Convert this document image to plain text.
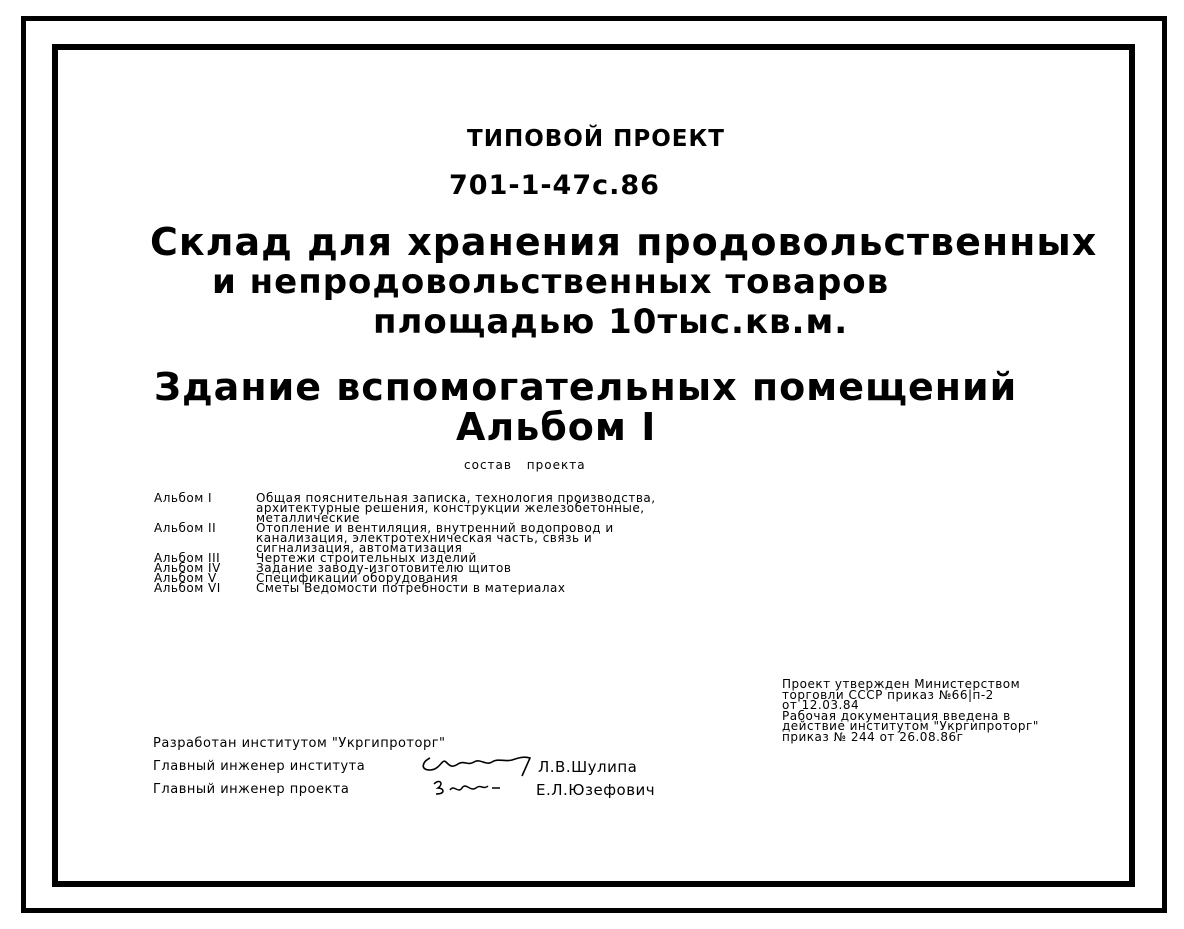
ТИПОВОЙ ПРОЕКТ
701-1-47с.86
Склад для хранения продовольственных
и непродовольственных товаров
площадью 10тыс.кв.м.
Здание вспомогательных помещений
Альбом I
состав проекта
Альбом I	Общая пояснительная записка, технология производства,
архитектурные решения, конструкции железобетонные,
металлические
Альбом II	Отопление и вентиляция, внутренний водопровод и
канализация, электротехническая часть, связь и
сигнализация, автоматизация
Альбом III	Чертежи строительных изделий
Альбом IV	Задание заводу-изготовителю щитов
Альбом V	Спецификации оборудования
Альбом VI	Сметы Ведомости потребности в материалах
Проект утвержден Министерством
торговли СССР приказ №66|п-2
от 12.03.84
Рабочая документация введена в
действие институтом "Укргипроторг"
приказ № 244 от 26.08.86г
Разработан институтом "Укргипроторг"
Главный инженер института	Л.В.Шулипа
Главный инженер проекта	Е.Л.Юзефович
